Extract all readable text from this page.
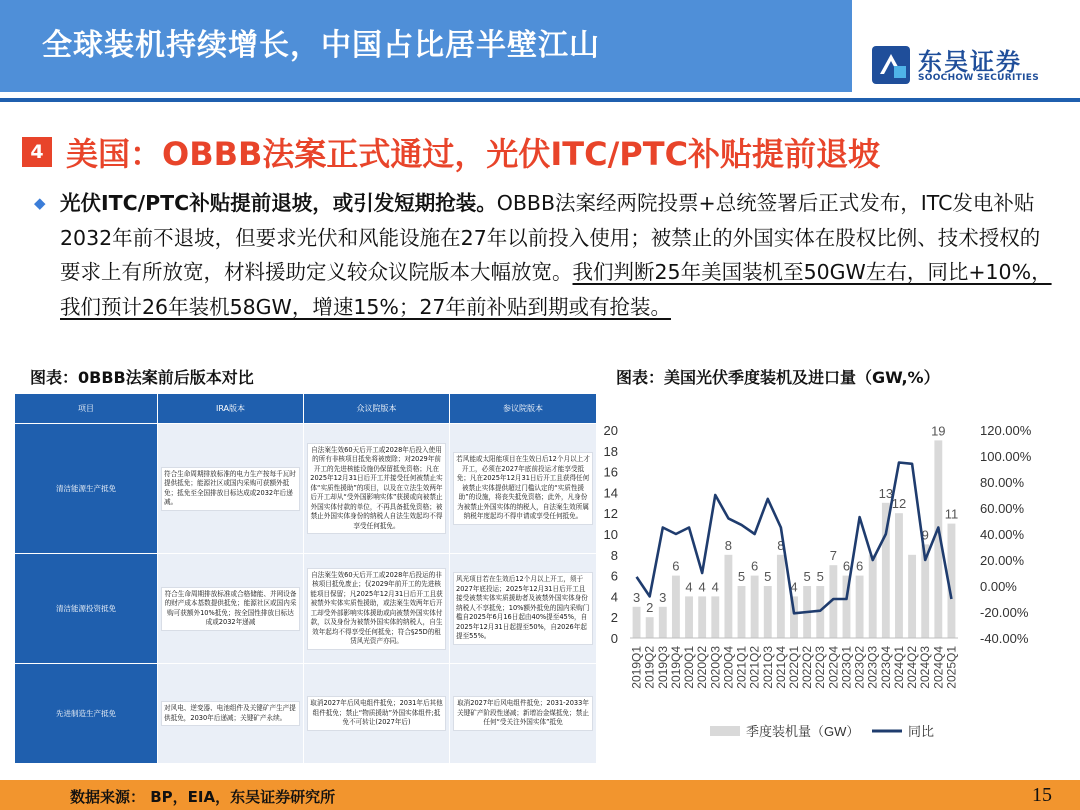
全球装机持续增长，中国占比居半壁江山	东吴证券
SOOCHOW SECURITIES
4 美国：OBBB法案正式通过，光伏ITC/PTC补贴提前退坡
◆ 光伏ITC/PTC补贴提前退坡，或引发短期抢装。OBBB法案经两院投票+总统签署后正式发布，ITC发电补贴2032年前不退坡，但要求光伏和风能设施在27年以前投入使用；被禁止的外国实体在股权比例、技术授权的要求上有所放宽，材料援助定义较众议院版本大幅放宽。我们判断25年美国装机至50GW左右，同比+10%，我们预计26年装机58GW，增速15%；27年前补贴到期或有抢装。
图表：0BBB法案前后版本对比	图表：美国光伏季度装机及进口量（GW,%）
项目	IRA版本	众议院版本	参议院版本
清洁能源生产抵免	符合生命周期排放标准的电力生产按每千瓦时提供抵免；能源社区或国内采购可获额外抵免；抵免至全国排放目标达成或2032年后递减。	自法案生效60天后开工或2028年后投入使用的所有非核项目抵免将被废除；对2029年前开工的先进核能设施仍保留抵免资格；凡在2025年12月31日后开工并接受任何被禁止实体“实质性援助”的项目，以及在立法生效两年后开工却从“受外国影响实体”获援或向被禁止外国实体付款的单位，不再具备抵免资格；被禁止外国实体身份的纳税人自法生效起均不得享受任何抵免。	若风能或太阳能项目在生效日后12个月以上才开工，必须在2027年底前投运才能享受抵免；凡在2025年12月31日后开工且获得任何被禁止实体提供超过门槛认定的“实质性援助”的设施，将丧失抵免资格；此外，凡身份为被禁止外国实体的纳税人，自法案生效所属纳税年度起均不得申请或享受任何抵免。

清洁能源投资抵免	符合生命周期排放标准或合格储能、并网设备的财产成本基数提供抵免；能源社区或国内采购可获额外10%抵免；按全国性排放目标达成或2032年递减	自法案生效60天后开工或2028年后投运的非核项目抵免废止；仅2029年前开工的先进核能项目保留；凡2025年12月31日后开工且获被禁外实体实质性援助，或法案生效两年后开工却受外部影响实体援助或向被禁外国实体付款，以及身份为被禁外国实体的纳税人，自生效年起均不得享受任何抵免；符合§25D的租赁风光资产亦同。	风光项目若在生效后12个月以上开工，须于2027年底投运；2025年12月31日后开工且接受被禁实体实质援助者及被禁外国实体身份纳税人不享抵免；10%额外抵免的国内采购门槛自2025年6月16日起由40%提至45%，自2025年12月31日起提至50%，自2026年起提至55%。

先进制造生产抵免	对风电、逆变器、电池组件及关键矿产生产提供抵免，2030年后递减；关键矿产永续。	取消2027年后风电组件抵免；2031年后其他组件抵免；禁止“物质援助”外国实体组件;抵免不可转让(2027年后)	取消2027年后风电组件抵免；2031-2033年关键矿产阶段性递减；新增冶金煤抵免；禁止任何“受关注外国实体”抵免
0
2
4
6
8
10
12
14
16
18
20
-40.00%
-20.00%
0.00%
20.00%
40.00%
60.00%
80.00%
100.00%
120.00%
3
2
3
6
4 4 4
8
5
6
5
8
4
5 5
7
6 6
13
12
9
19
11
2019Q1 2019Q2 2019Q3 2019Q4 2020Q1 2020Q2 2020Q3 2020Q4 2021Q1 2021Q2 2021Q3 2021Q4 2022Q1 2022Q2 2022Q3 2022Q4 2023Q1 2023Q2 2023Q3 2023Q4 2024Q1 2024Q2 2024Q3 2024Q4 2025Q1
季度装机量（GW）	同比
数据来源： BP，EIA，东吴证券研究所	15
